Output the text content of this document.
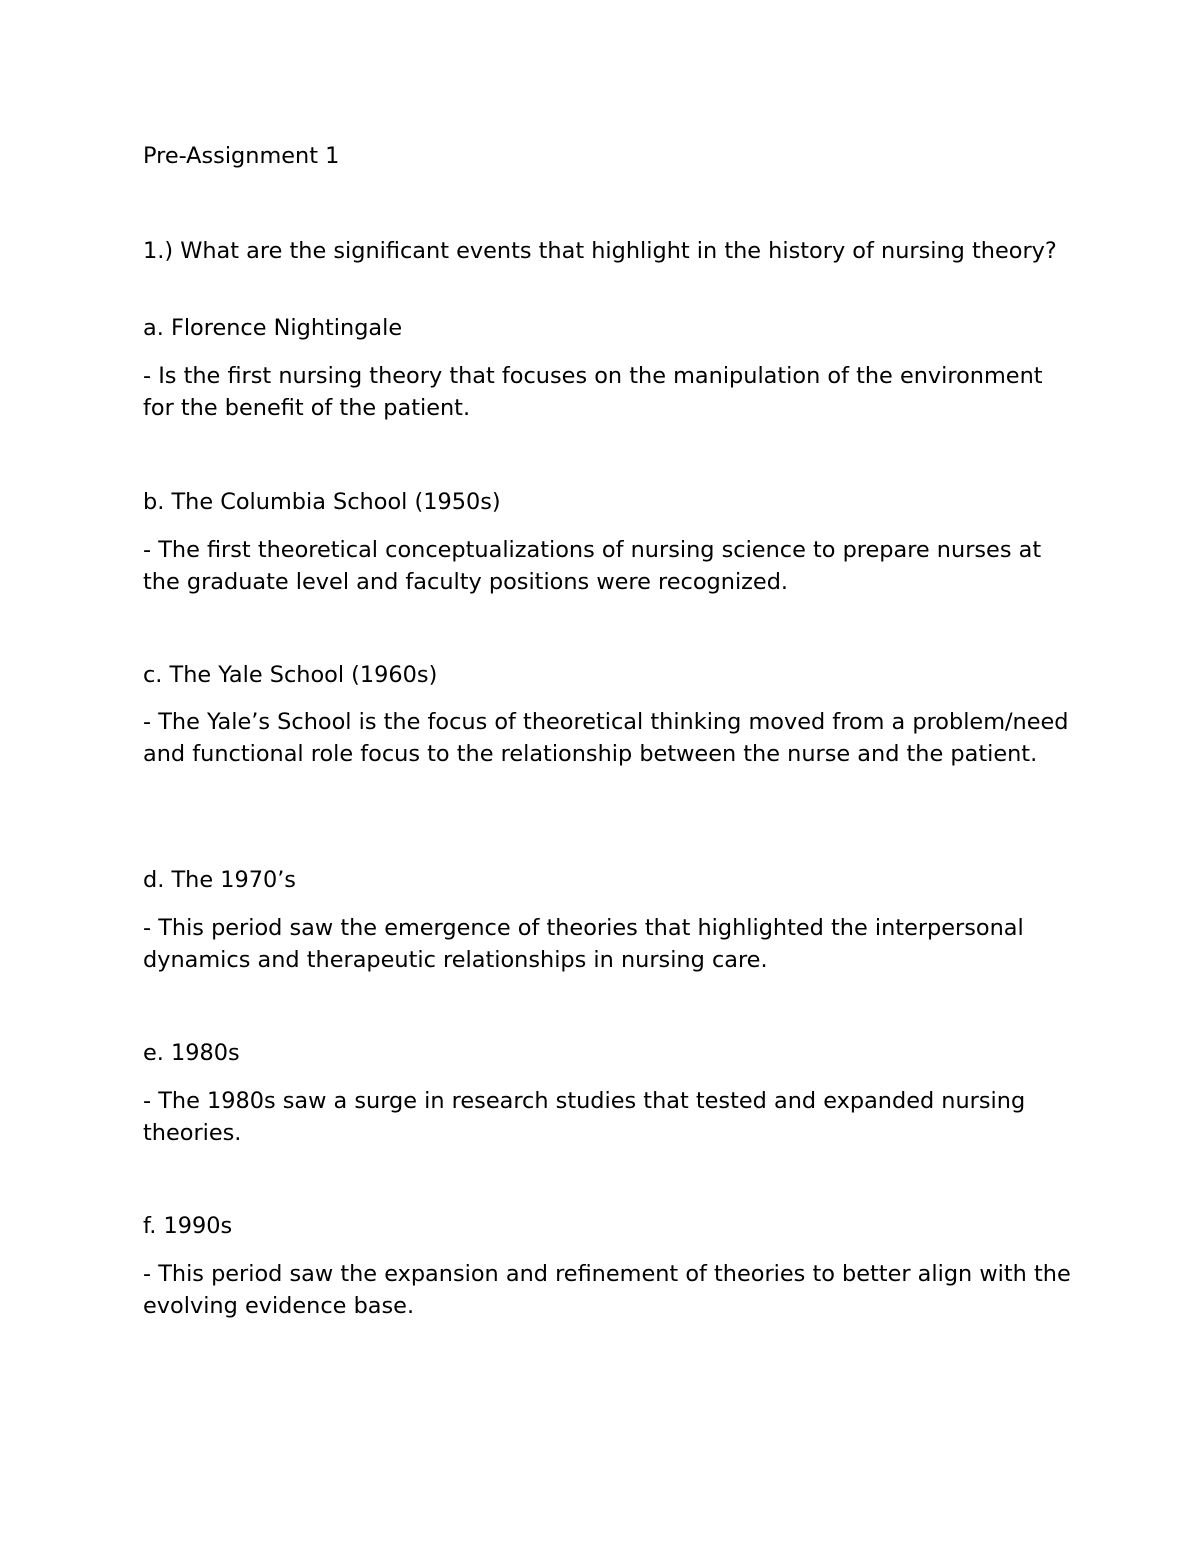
Pre-Assignment 1

1.) What are the significant events that highlight in the history of nursing theory?

a. Florence Nightingale

- Is the first nursing theory that focuses on the manipulation of the environment for the benefit of the patient.

b. The Columbia School (1950s)

- The first theoretical conceptualizations of nursing science to prepare nurses at the graduate level and faculty positions were recognized.

c. The Yale School (1960s)

- The Yale’s School is the focus of theoretical thinking moved from a problem/need and functional role focus to the relationship between the nurse and the patient.

d. The 1970’s

- This period saw the emergence of theories that highlighted the interpersonal dynamics and therapeutic relationships in nursing care.

e. 1980s

- The 1980s saw a surge in research studies that tested and expanded nursing theories.

f. 1990s

- This period saw the expansion and refinement of theories to better align with the evolving evidence base.
